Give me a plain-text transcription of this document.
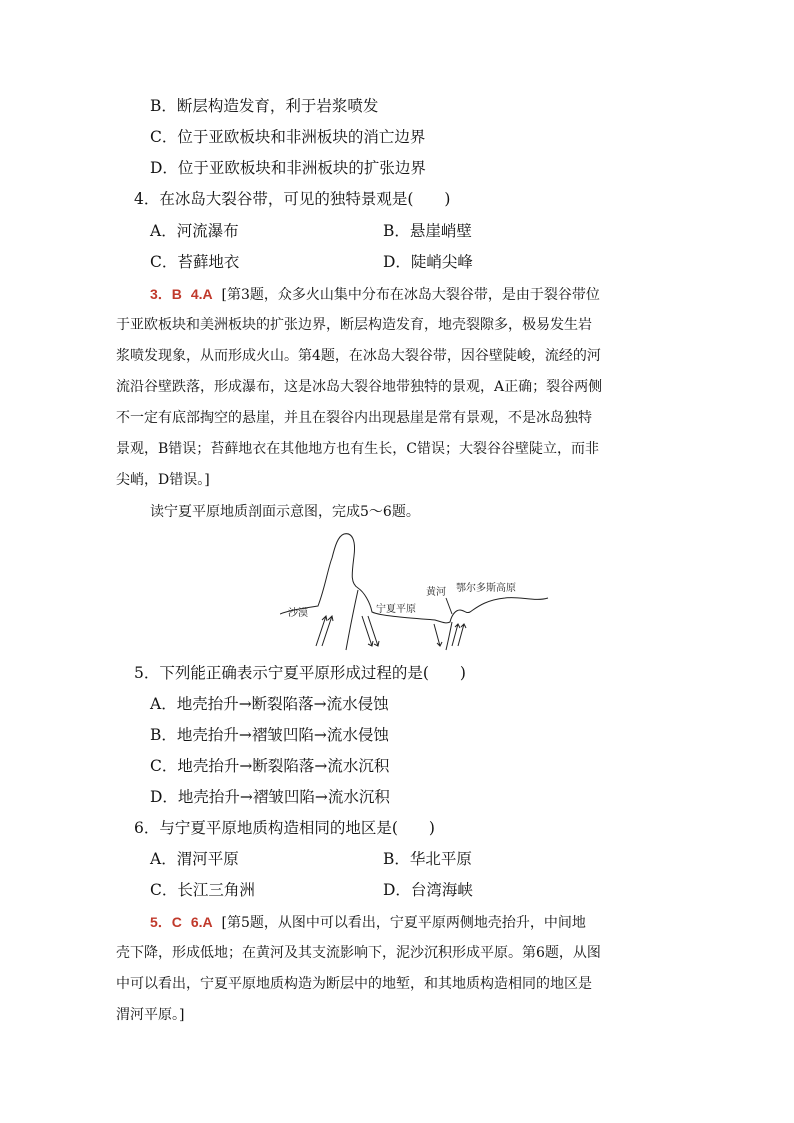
B．断层构造发育，利于岩浆喷发
C．位于亚欧板块和非洲板块的消亡边界
D．位于亚欧板块和非洲板块的扩张边界
4．在冰岛大裂谷带，可见的独特景观是(　　)
A．河流瀑布	B．悬崖峭壁
C．苔藓地衣	D．陡峭尖峰
3．B 4.A [第3题，众多火山集中分布在冰岛大裂谷带，是由于裂谷带位
于亚欧板块和美洲板块的扩张边界，断层构造发育，地壳裂隙多，极易发生岩
浆喷发现象，从而形成火山。第4题，在冰岛大裂谷带，因谷壁陡峻，流经的河
流沿谷壁跌落，形成瀑布，这是冰岛大裂谷地带独特的景观，A正确；裂谷两侧
不一定有底部掏空的悬崖，并且在裂谷内出现悬崖是常有景观，不是冰岛独特
景观，B错误；苔藓地衣在其他地方也有生长，C错误；大裂谷谷壁陡立，而非
尖峭，D错误。]
读宁夏平原地质剖面示意图，完成5～6题。
沙漠	宁夏平原
黄河 鄂尔多斯高原
5．下列能正确表示宁夏平原形成过程的是(　　)
A．地壳抬升→断裂陷落→流水侵蚀
B．地壳抬升→褶皱凹陷→流水侵蚀
C．地壳抬升→断裂陷落→流水沉积
D．地壳抬升→褶皱凹陷→流水沉积
6．与宁夏平原地质构造相同的地区是(　　)
A．渭河平原	B．华北平原
C．长江三角洲	D．台湾海峡
5．C 6.A [第5题，从图中可以看出，宁夏平原两侧地壳抬升，中间地
壳下降，形成低地；在黄河及其支流影响下，泥沙沉积形成平原。第6题，从图
中可以看出，宁夏平原地质构造为断层中的地堑，和其地质构造相同的地区是
渭河平原。]
